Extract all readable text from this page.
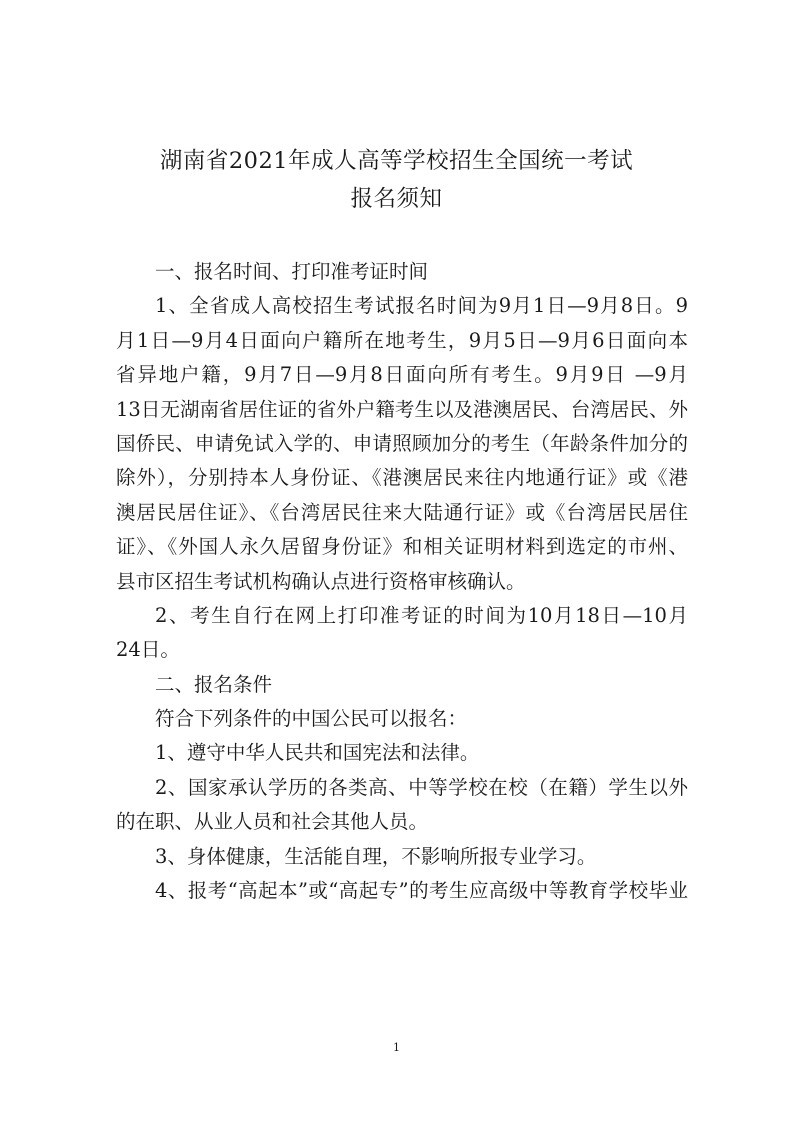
湖南省2021年成人高等学校招生全国统一考试
报名须知
一、报名时间、打印准考证时间
1、全省成人高校招生考试报名时间为9月1日—9月8日。9
月1日—9月4日面向户籍所在地考生，9月5日—9月6日面向本
省异地户籍，9月7日—9月8日面向所有考生。9月9日 —9月
13日无湖南省居住证的省外户籍考生以及港澳居民、台湾居民、外
国侨民、申请免试入学的、申请照顾加分的考生（年龄条件加分的
除外），分别持本人身份证、《港澳居民来往内地通行证》或《港
澳居民居住证》、《台湾居民往来大陆通行证》或《台湾居民居住
证》、《外国人永久居留身份证》和相关证明材料到选定的市州、
县市区招生考试机构确认点进行资格审核确认。
2、考生自行在网上打印准考证的时间为10月18日—10月
24日。
二、报名条件
符合下列条件的中国公民可以报名：
1、遵守中华人民共和国宪法和法律。
2、国家承认学历的各类高、中等学校在校（在籍）学生以外
的在职、从业人员和社会其他人员。
3、身体健康，生活能自理，不影响所报专业学习。
4、报考“高起本”或“高起专”的考生应高级中等教育学校毕业
1
